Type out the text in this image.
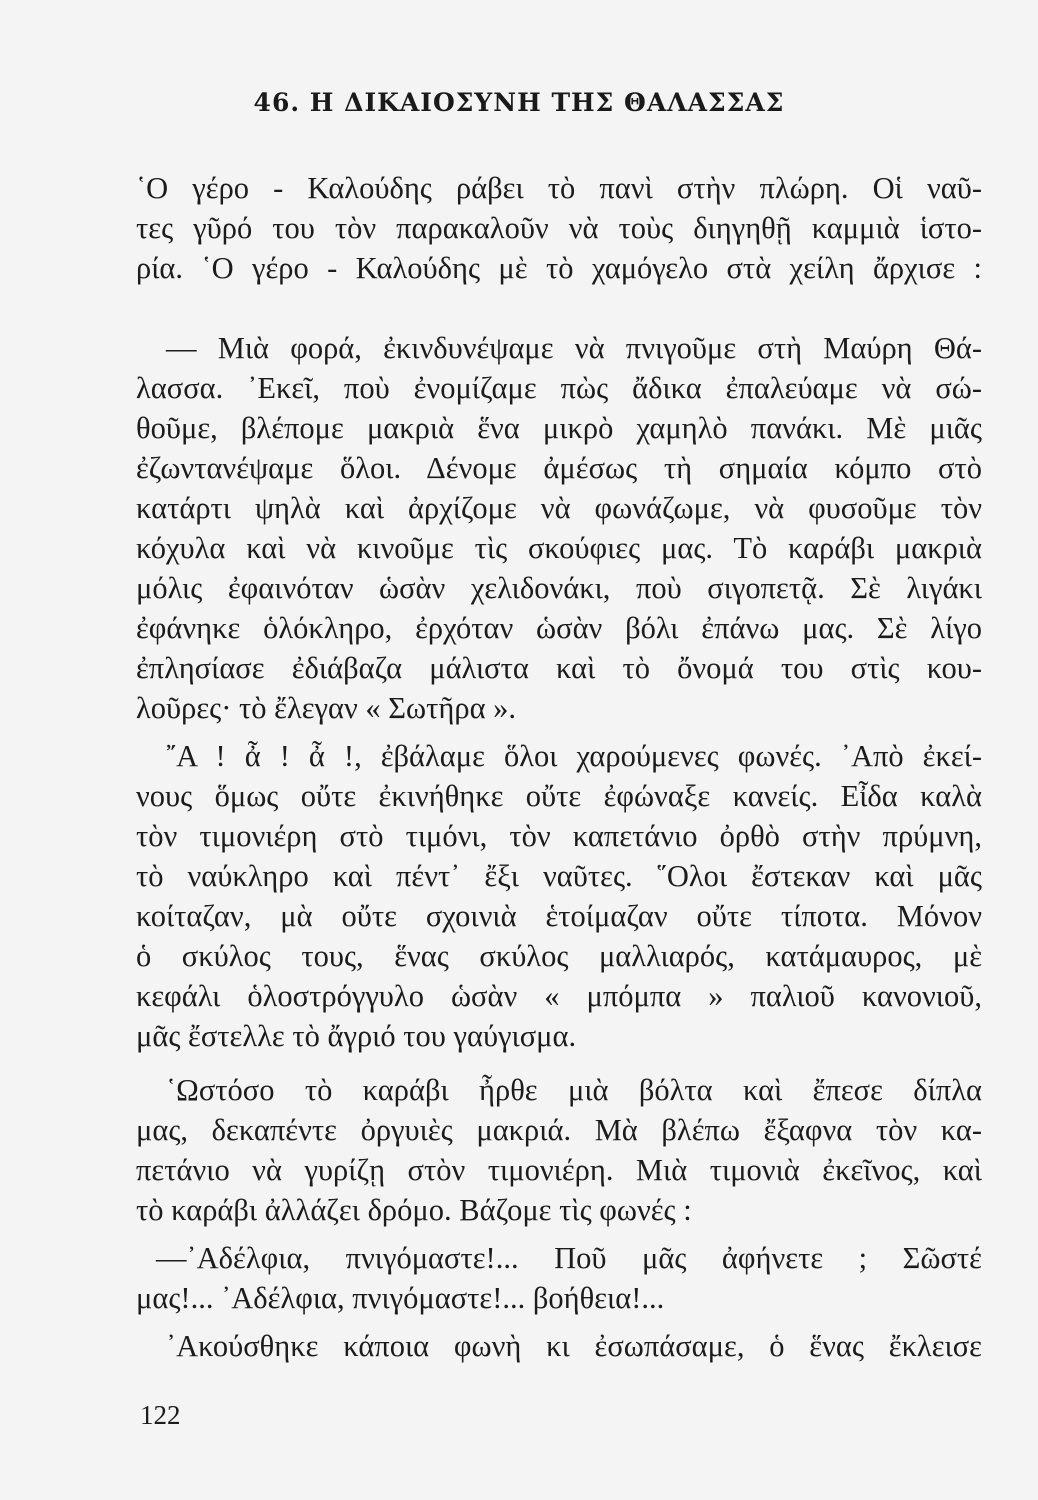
46. Η ΔΙΚΑΙΟΣΥΝΗ ΤΗΣ ΘΑΛΑΣΣΑΣ
῾Ο γέρο - Καλούδης ράβει τὸ πανὶ στὴν πλώρη. Οἱ ναῦ-
τες γῦρό του τὸν παρακαλοῦν νὰ τοὺς διηγηθῇ καμμιὰ ἱστο-
ρία. ῾Ο γέρο - Καλούδης μὲ τὸ χαμόγελο στὰ χείλη ἄρχισε :
— Μιὰ φορά, ἐκινδυνέψαμε νὰ πνιγοῦμε στὴ Μαύρη Θά-
λασσα. ᾿Εκεῖ, ποὺ ἐνομίζαμε πὼς ἄδικα ἐπαλεύαμε νὰ σώ-
θοῦμε, βλέπομε μακριὰ ἕνα μικρὸ χαμηλὸ πανάκι. Μὲ μιᾶς
ἐζωντανέψαμε ὅλοι. Δένομε ἀμέσως τὴ σημαία κόμπο στὸ
κατάρτι ψηλὰ καὶ ἀρχίζομε νὰ φωνάζωμε, νὰ φυσοῦμε τὸν
κόχυλα καὶ νὰ κινοῦμε τὶς σκούφιες μας. Τὸ καράβι μακριὰ
μόλις ἐφαινόταν ὡσὰν χελιδονάκι, ποὺ σιγοπετᾷ. Σὲ λιγάκι
ἐφάνηκε ὁλόκληρο, ἐρχόταν ὡσὰν βόλι ἐπάνω μας. Σὲ λίγο
ἐπλησίασε ἐδιάβαζα μάλιστα καὶ τὸ ὄνομά του στὶς κου-
λοῦρες· τὸ ἔλεγαν « Σωτῆρα ».
῎Α ! ἆ ! ἆ !, ἐβάλαμε ὅλοι χαρούμενες φωνές. ᾿Απὸ ἐκεί-
νους ὅμως οὔτε ἐκινήθηκε οὔτε ἐφώναξε κανείς. Εἶδα καλὰ
τὸν τιμονιέρη στὸ τιμόνι, τὸν καπετάνιο ὀρθὸ στὴν πρύμνη,
τὸ ναύκληρο καὶ πέντ᾿ ἔξι ναῦτες. ῞Ολοι ἔστεκαν καὶ μᾶς
κοίταζαν, μὰ οὔτε σχοινιὰ ἑτοίμαζαν οὔτε τίποτα. Μόνον
ὁ σκύλος τους, ἕνας σκύλος μαλλιαρός, κατάμαυρος, μὲ
κεφάλι ὁλοστρόγγυλο ὡσὰν « μπόμπα » παλιοῦ κανονιοῦ,
μᾶς ἔστελλε τὸ ἄγριό του γαύγισμα.
῾Ωστόσο τὸ καράβι ἦρθε μιὰ βόλτα καὶ ἔπεσε δίπλα
μας, δεκαπέντε ὀργυιὲς μακριά. Μὰ βλέπω ἔξαφνα τὸν κα-
πετάνιο νὰ γυρίζῃ στὸν τιμονιέρη. Μιὰ τιμονιὰ ἐκεῖνος, καὶ
τὸ καράβι ἀλλάζει δρόμο. Βάζομε τὶς φωνές :
—᾿Αδέλφια, πνιγόμαστε!... Ποῦ μᾶς ἀφήνετε ; Σῶστέ
μας!... ᾿Αδέλφια, πνιγόμαστε!... βοήθεια!...
᾿Ακούσθηκε κάποια φωνὴ κι ἐσωπάσαμε, ὁ ἕνας ἔκλεισε
122
